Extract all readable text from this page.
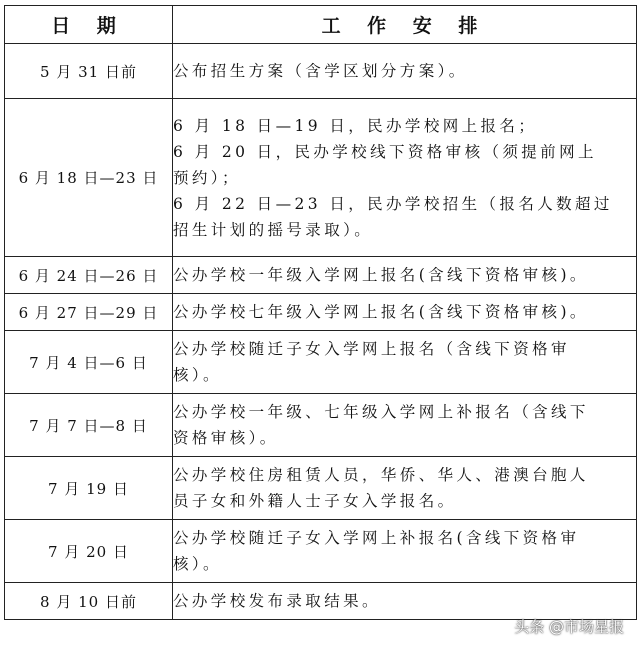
日 期	工 作 安 排
5 月 31 日前	公布招生方案（含学区划分方案）。

6 月 18 日—23 日	6 月 18 日—19 日，民办学校网上报名；
6 月 20 日，民办学校线下资格审核（须提前网上
预约）；
6 月 22 日—23 日，民办学校招生（报名人数超过
招生计划的摇号录取）。

6 月 24 日—26 日	公办学校一年级入学网上报名(含线下资格审核)。

6 月 27 日—29 日	公办学校七年级入学网上报名(含线下资格审核)。

7 月 4 日—6 日	公办学校随迁子女入学网上报名（含线下资格审
核）。

7 月 7 日—8 日	公办学校一年级、七年级入学网上补报名（含线下
资格审核）。

7 月 19 日	公办学校住房租赁人员，华侨、华人、港澳台胞人
员子女和外籍人士子女入学报名。

7 月 20 日	公办学校随迁子女入学网上补报名(含线下资格审
核）。

8 月 10 日前	公办学校发布录取结果。
头条 @市场星报
